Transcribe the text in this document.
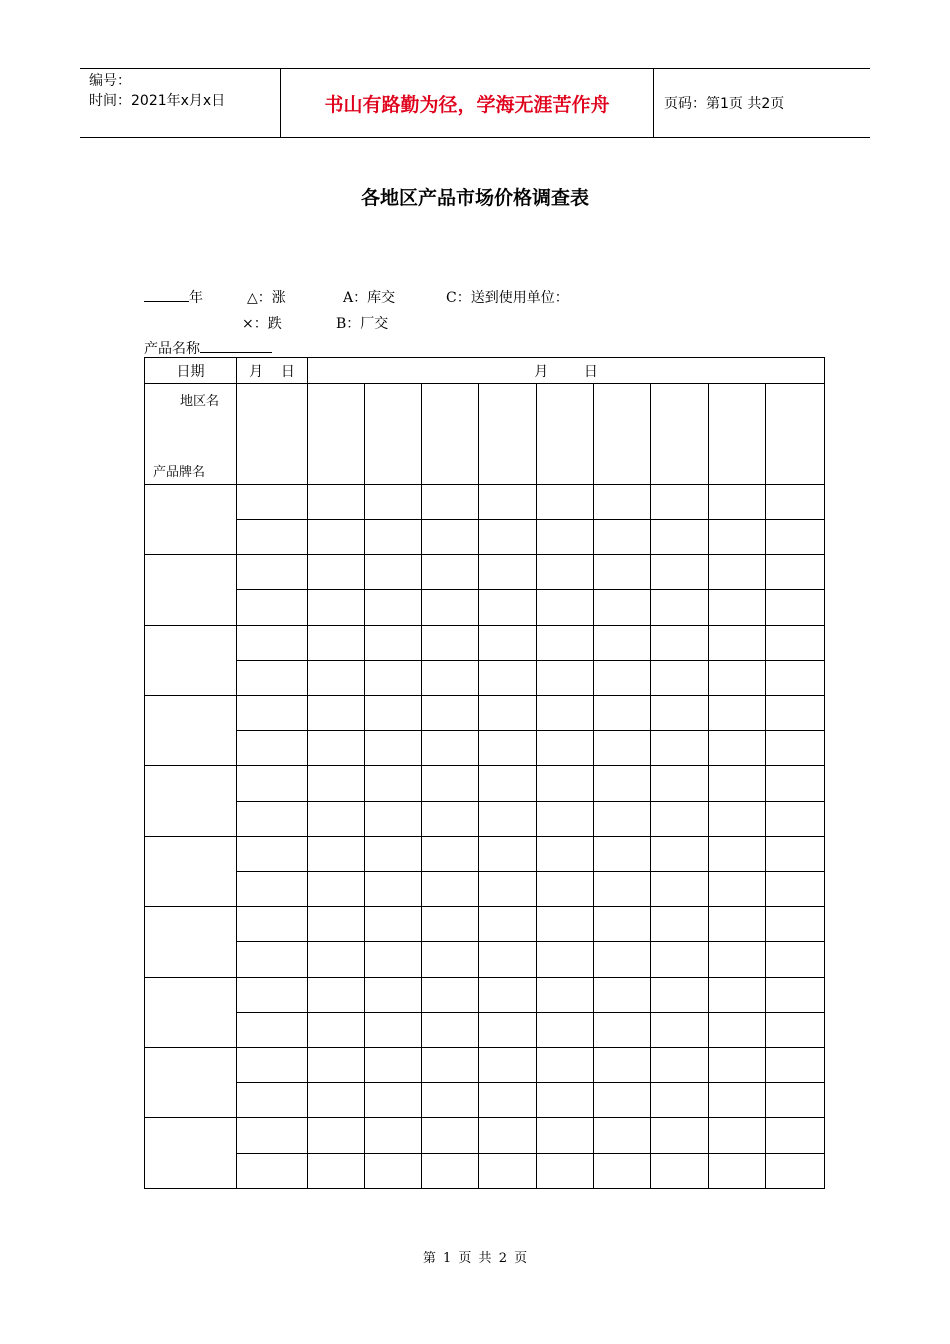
编号：
时间：2021年x月x日	书山有路勤为径，学海无涯苦作舟	页码：第1页 共2页
各地区产品市场价格调查表
年	△：涨	A：库交	C：送到使用单位：
×：跌	B：厂交
产品名称
日期	月    日	月        日								

地区名
产品牌名										

第 1 页 共 2 页
